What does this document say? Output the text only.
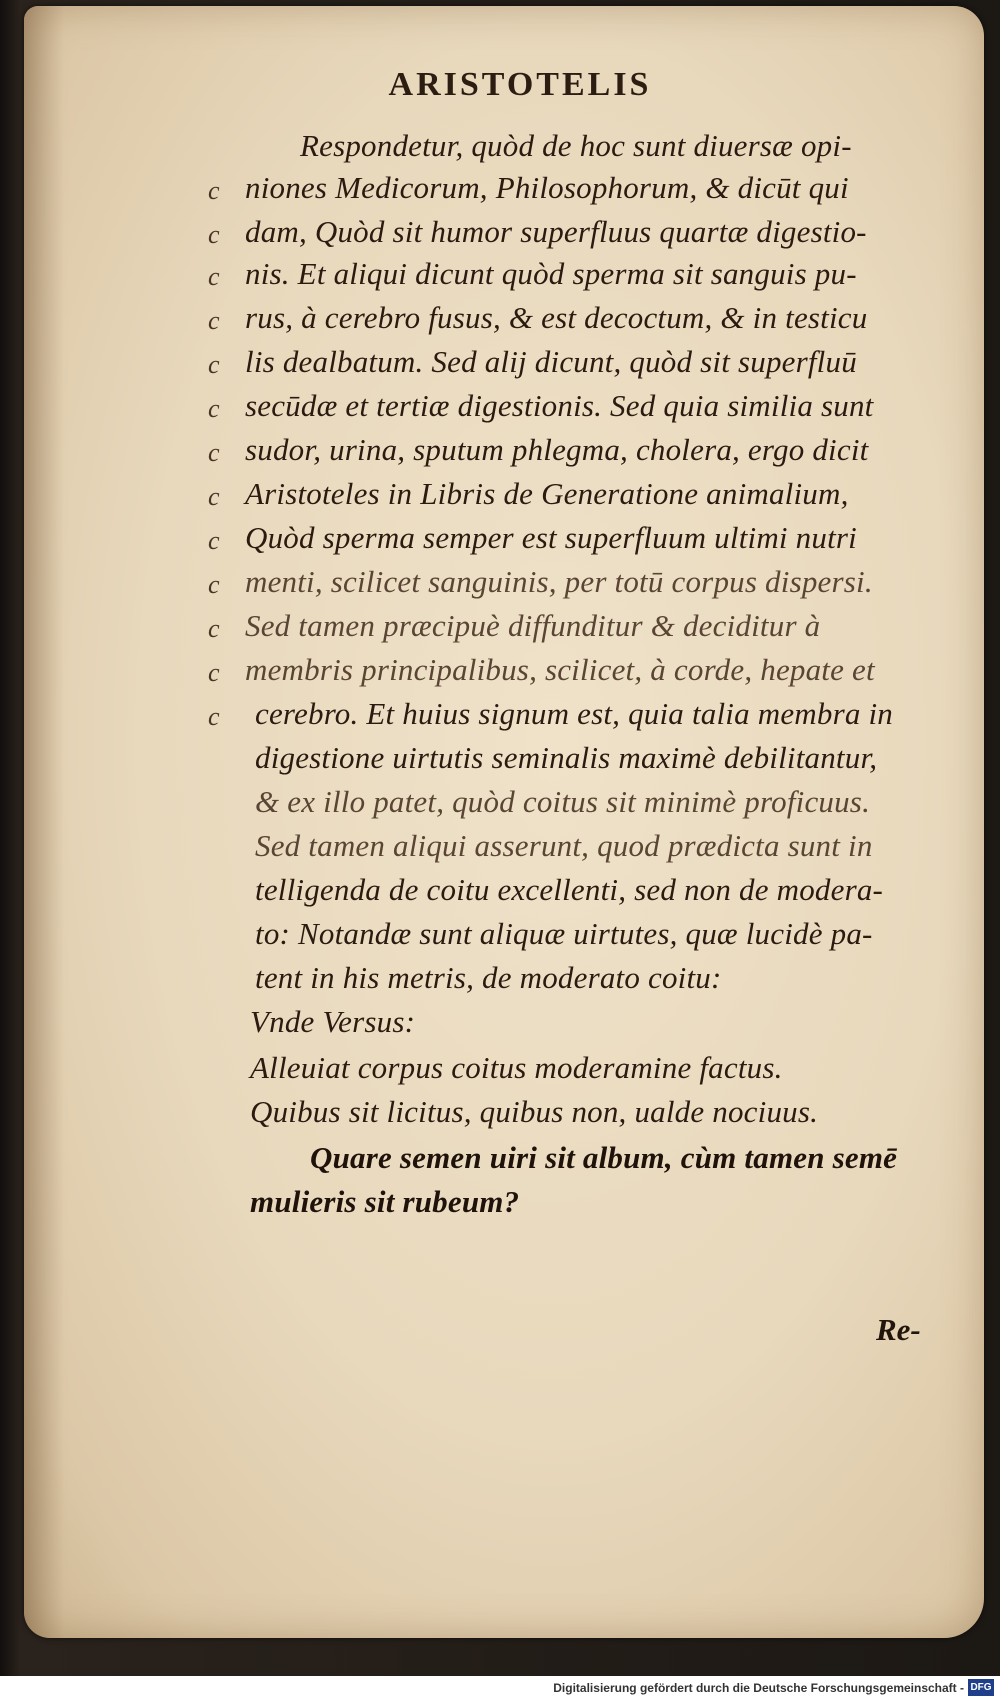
ARISTOTELIS
Respondetur, quòd de hoc sunt diuersæ opi-
niones Medicorum, Philosophorum, & dicūt qui
dam, Quòd sit humor superfluus quartæ digestio-
nis. Et aliqui dicunt quòd sperma sit sanguis pu-
rus, à cerebro fusus, & est decoctum, & in testicu
lis dealbatum. Sed alij dicunt, quòd sit superfluū
secūdæ et tertiæ digestionis. Sed quia similia sunt
sudor, urina, sputum phlegma, cholera, ergo dicit
Aristoteles in Libris de Generatione animalium,
Quòd sperma semper est superfluum ultimi nutri
menti, scilicet sanguinis, per totū corpus dispersi.
Sed tamen præcipuè diffunditur & deciditur à
membris principalibus, scilicet, à corde, hepate et
cerebro. Et huius signum est, quia talia membra in
digestione uirtutis seminalis maximè debilitantur,
& ex illo patet, quòd coitus sit minimè proficuus.
Sed tamen aliqui asserunt, quod prædicta sunt in
telligenda de coitu excellenti, sed non de modera-
to: Notandæ sunt aliquæ uirtutes, quæ lucidè pa-
tent in his metris, de moderato coitu:
Vnde Versus:
Alleuiat corpus coitus moderamine factus.
Quibus sit licitus, quibus non, ualde nociuus.
Quare semen uiri sit album, cùm tamen semē
mulieris sit rubeum?
c
c
c
c
c
c
c
c
c
c
c
c
c
Re-
Digitalisierung gefördert durch die Deutsche Forschungsgemeinschaft - DFG
